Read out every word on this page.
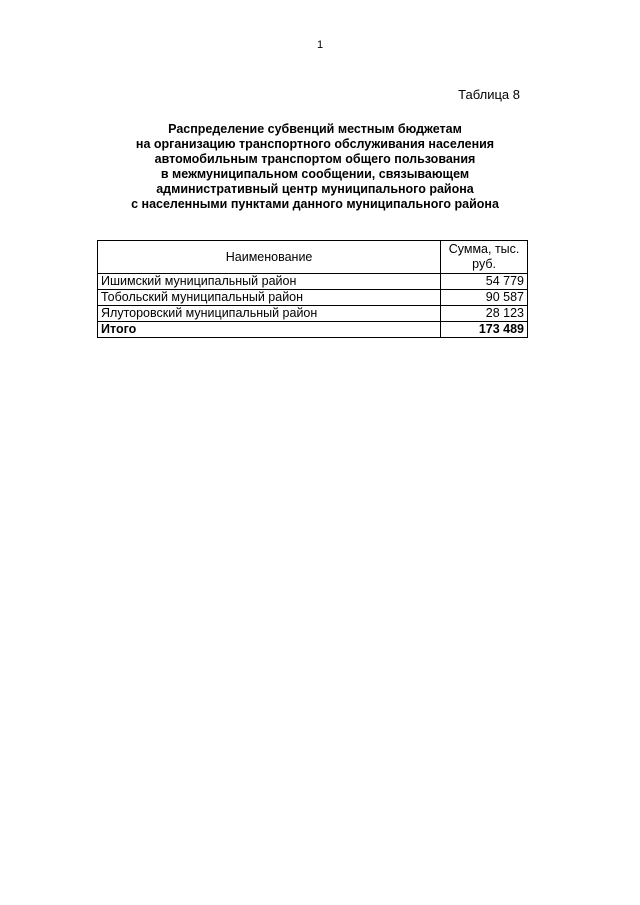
1
Таблица 8
Распределение субвенций местным бюджетам
на организацию транспортного обслуживания населения
автомобильным транспортом общего пользования
в межмуниципальном сообщении, связывающем
административный центр муниципального района
с населенными пунктами данного муниципального района
Наименование	Сумма, тыс.
руб.

Ишимский муниципальный район	54 779
Тобольский муниципальный район	90 587
Ялуторовский муниципальный район	28 123
Итого	173 489
